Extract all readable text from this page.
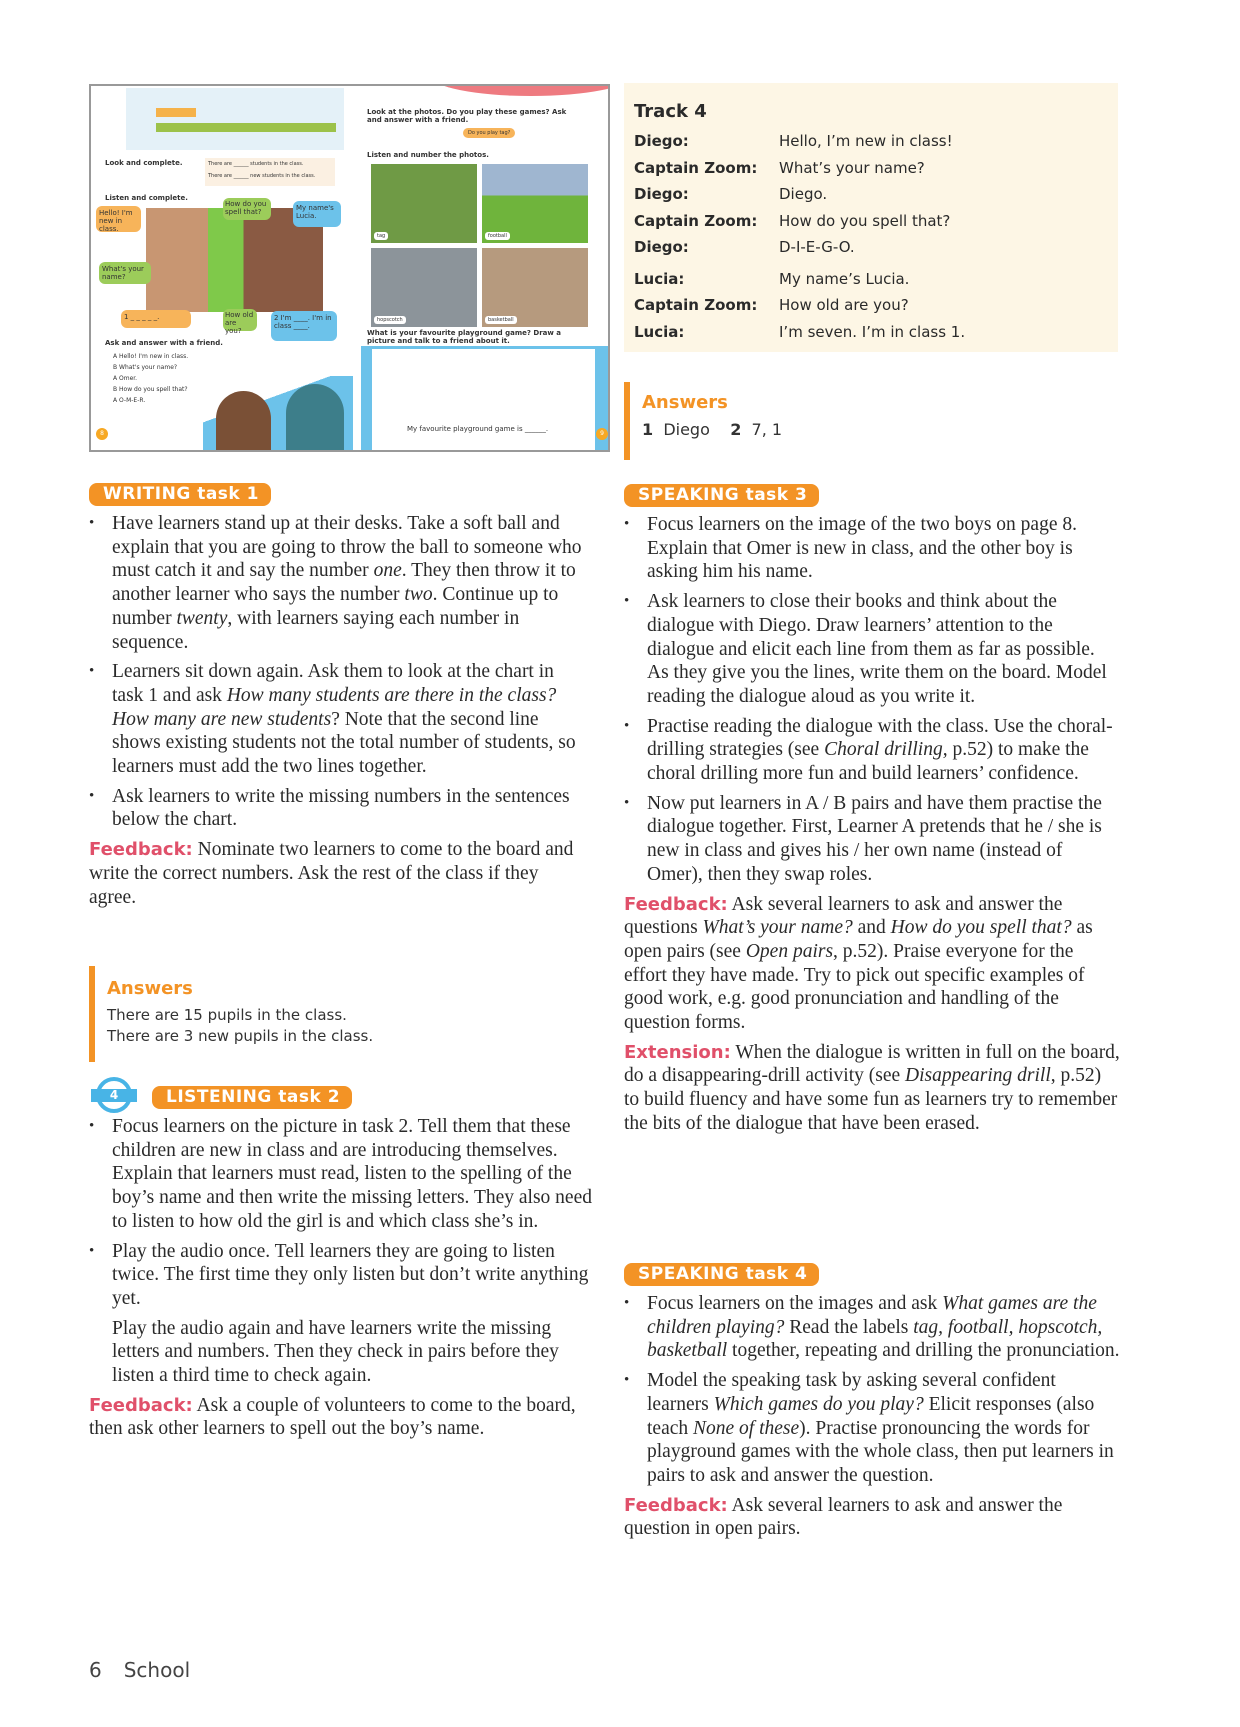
Look and complete.	There are ______ students in the class.
There are ______ new students in the class.
Listen and complete.
Hello! I'm new in class.
How do you spell that?	My name's Lucia.
What's your name?
How old are you?
1 _ _ _ _ _.	2 I'm ____. I'm in class ____.
Ask and answer with a friend.
A Hello! I'm new in class.
B What's your name?
A Omer.
B How do you spell that?
A O-M-E-R.
8
Look at the photos. Do you play these games? Ask and answer with a friend.
Do you play tag?
Listen and number the photos.
tag	football
hopscotch	basketball
What is your favourite playground game? Draw a picture and talk to a friend about it.
My favourite playground game is ______.
9
Track 4
Diego:	Hello, I’m new in class!
Captain Zoom:	What’s your name?
Diego:	Diego.
Captain Zoom:	How do you spell that?
Diego:	D-I-E-G-O.
Lucia:	My name’s Lucia.
Captain Zoom:	How old are you?
Lucia:	I’m seven. I’m in class 1.
Answers
1 Diego 2 7, 1
WRITING task 1
• Have learners stand up at their desks. Take a soft ball and explain that you are going to throw the ball to someone who must catch it and say the number one. They then throw it to another learner who says the number two. Continue up to number twenty, with learners saying each number in sequence.
• Learners sit down again. Ask them to look at the chart in task 1 and ask How many students are there in the class? How many are new students? Note that the second line shows existing students not the total number of students, so learners must add the two lines together.
• Ask learners to write the missing numbers in the sentences below the chart.

Feedback: Nominate two learners to come to the board and write the correct numbers. Ask the rest of the class if they agree.

Answers
There are 15 pupils in the class.
There are 3 new pupils in the class.
4	LISTENING task 2
• Focus learners on the picture in task 2. Tell them that these children are new in class and are introducing themselves. Explain that learners must read, listen to the spelling of the boy’s name and then write the missing letters. They also need to listen to how old the girl is and which class she’s in.
• Play the audio once. Tell learners they are going to listen twice. The first time they only listen but don’t write anything yet.
Play the audio again and have learners write the missing letters and numbers. Then they check in pairs before they listen a third time to check again.

Feedback: Ask a couple of volunteers to come to the board, then ask other learners to spell out the boy’s name.

SPEAKING task 3
• Focus learners on the image of the two boys on page 8. Explain that Omer is new in class, and the other boy is asking him his name.
• Ask learners to close their books and think about the dialogue with Diego. Draw learners’ attention to the dialogue and elicit each line from them as far as possible. As they give you the lines, write them on the board. Model reading the dialogue aloud as you write it.
• Practise reading the dialogue with the class. Use the choral-drilling strategies (see Choral drilling, p.52) to make the choral drilling more fun and build learners’ confidence.
• Now put learners in A / B pairs and have them practise the dialogue together. First, Learner A pretends that he / she is new in class and gives his / her own name (instead of Omer), then they swap roles.

Feedback: Ask several learners to ask and answer the questions What’s your name? and How do you spell that? as open pairs (see Open pairs, p.52). Praise everyone for the effort they have made. Try to pick out specific examples of good work, e.g. good pronunciation and handling of the question forms.

Extension: When the dialogue is written in full on the board, do a disappearing-drill activity (see Disappearing drill, p.52) to build fluency and have some fun as learners try to remember the bits of the dialogue that have been erased.

SPEAKING task 4
• Focus learners on the images and ask What games are the children playing? Read the labels tag, football, hopscotch, basketball together, repeating and drilling the pronunciation.
• Model the speaking task by asking several confident learners Which games do you play? Elicit responses (also teach None of these). Practise pronouncing the words for playground games with the whole class, then put learners in pairs to ask and answer the question.

Feedback: Ask several learners to ask and answer the question in open pairs.

6 School
